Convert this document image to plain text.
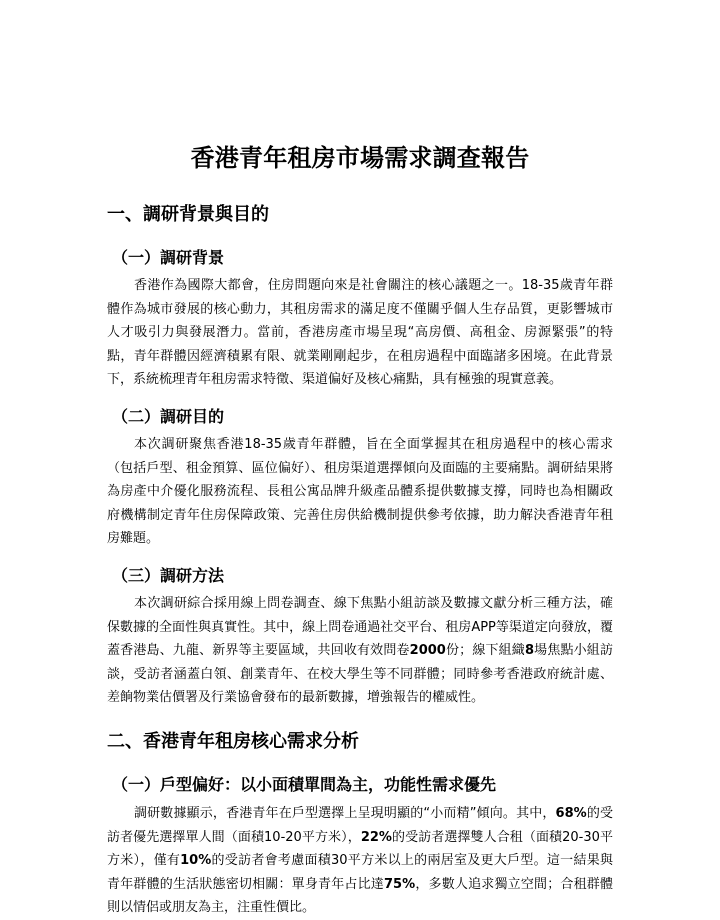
香港青年租房市場需求調查報告
一、調研背景與目的
（一）調研背景

香港作為國際大都會，住房問題向來是社會關注的核心議題之一。18-35歲青年群體作為城市發展的核心動力，其租房需求的滿足度不僅關乎個人生存品質，更影響城市人才吸引力與發展潛力。當前，香港房產市場呈現“高房價、高租金、房源緊張”的特點，青年群體因經濟積累有限、就業剛剛起步，在租房過程中面臨諸多困境。在此背景下，系統梳理青年租房需求特徵、渠道偏好及核心痛點，具有極強的現實意義。

（二）調研目的

本次調研聚焦香港18-35歲青年群體，旨在全面掌握其在租房過程中的核心需求（包括戶型、租金預算、區位偏好）、租房渠道選擇傾向及面臨的主要痛點。調研結果將為房產中介優化服務流程、長租公寓品牌升級產品體系提供數據支撐，同時也為相關政府機構制定青年住房保障政策、完善住房供給機制提供參考依據，助力解決香港青年租房難題。

（三）調研方法

本次調研綜合採用線上問卷調查、線下焦點小組訪談及數據文獻分析三種方法，確保數據的全面性與真實性。其中，線上問卷通過社交平台、租房APP等渠道定向發放，覆蓋香港島、九龍、新界等主要區域，共回收有效問卷2000份；線下組織8場焦點小組訪談，受訪者涵蓋白領、創業青年、在校大學生等不同群體；同時參考香港政府統計處、差餉物業估價署及行業協會發布的最新數據，增強報告的權威性。

二、香港青年租房核心需求分析
（一）戶型偏好：以小面積單間為主，功能性需求優先

調研數據顯示，香港青年在戶型選擇上呈現明顯的“小而精”傾向。其中，68%的受訪者優先選擇單人間（面積10-20平方米），22%的受訪者選擇雙人合租（面積20-30平方米），僅有10%的受訪者會考慮面積30平方米以上的兩居室及更大戶型。這一結果與青年群體的生活狀態密切相關：單身青年占比達75%，多數人追求獨立空間；合租群體則以情侶或朋友為主，注重性價比。
